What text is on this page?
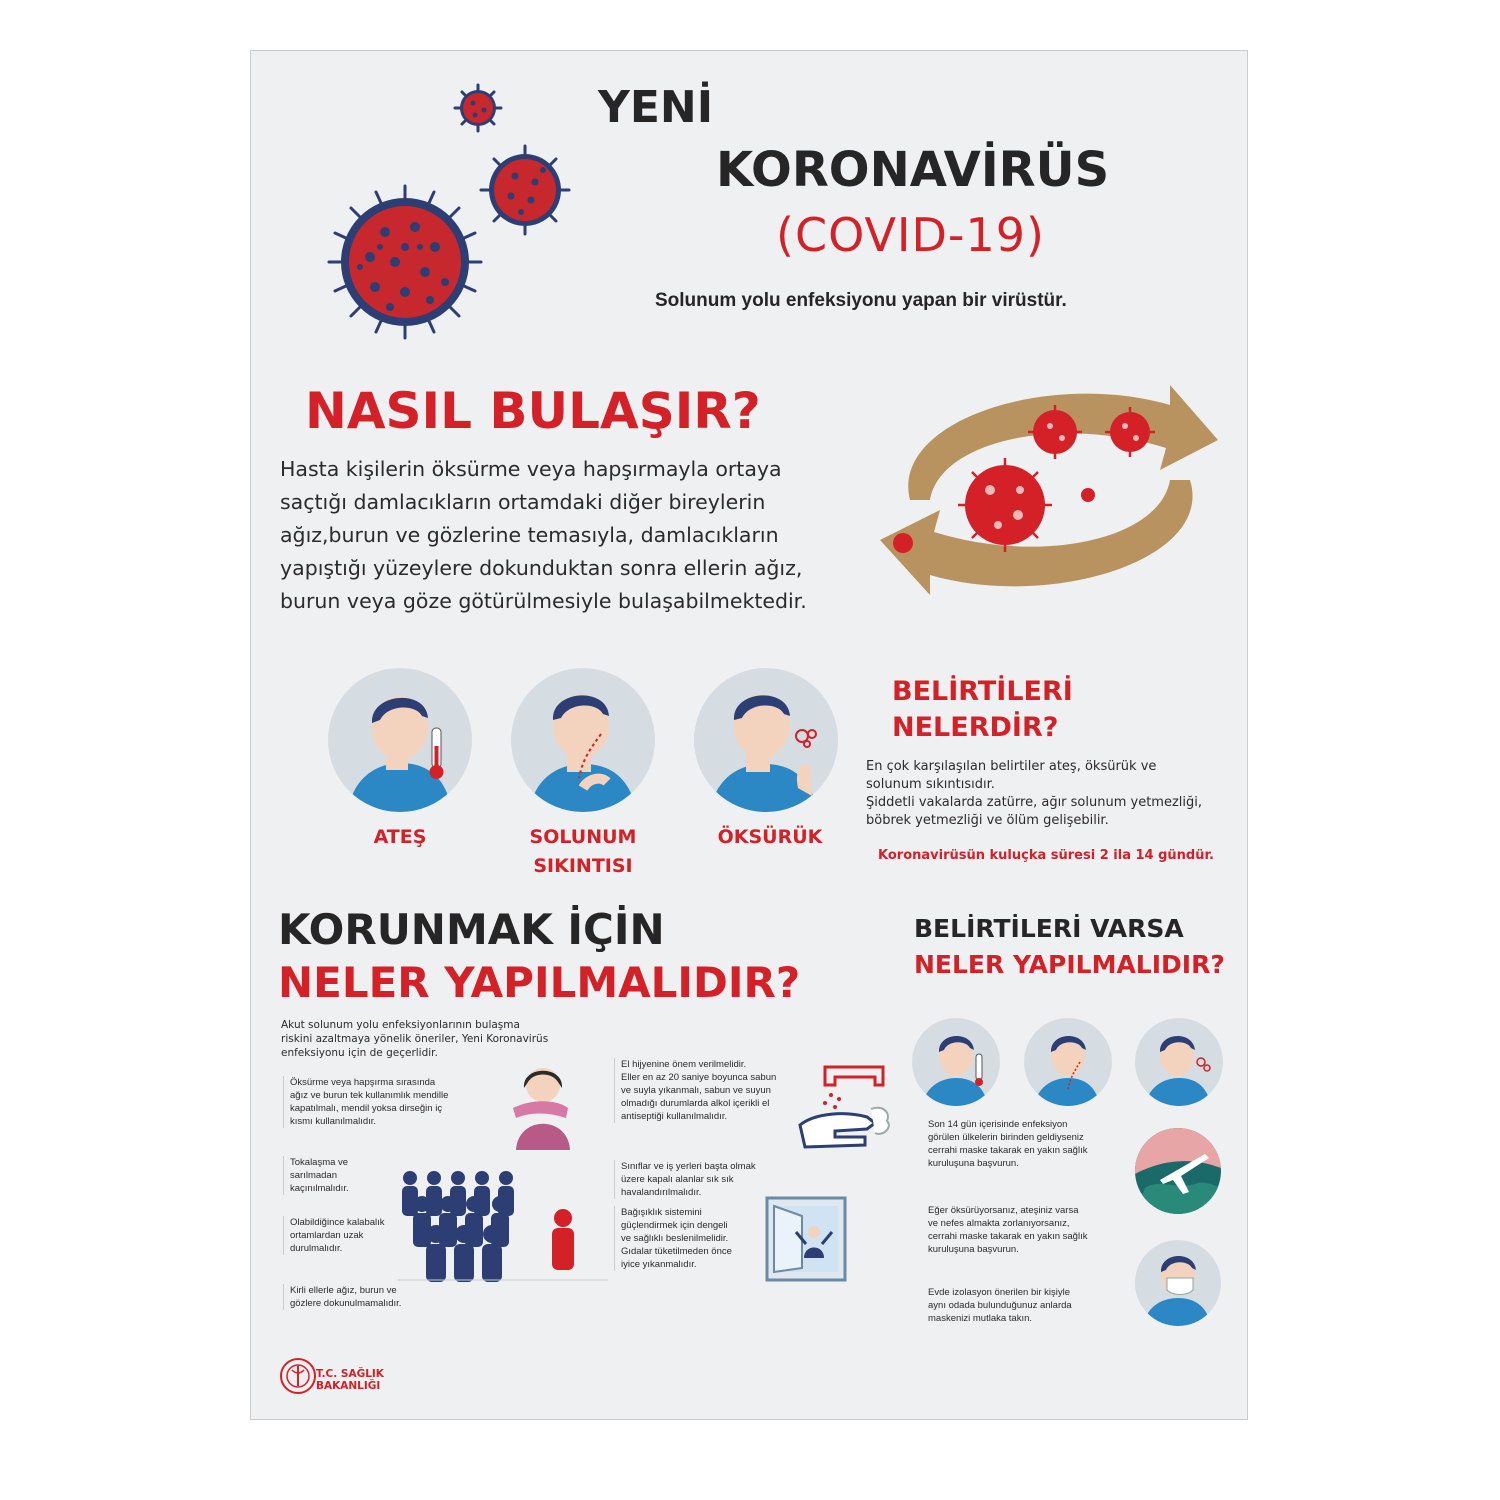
YENİ
KORONAVİRÜS
(COVID-19)
Solunum yolu enfeksiyonu yapan bir virüstür.
NASIL BULAŞIR?
Hasta kişilerin öksürme veya hapşırmayla ortaya
saçtığı damlacıkların ortamdaki diğer bireylerin
ağız,burun ve gözlerine temasıyla, damlacıkların
yapıştığı yüzeylere dokunduktan sonra ellerin ağız,
burun veya göze götürülmesiyle bulaşabilmektedir.
ATEŞ	SOLUNUM
SIKINTISI
ÖKSÜRÜK
BELİRTİLERİ
NELERDİR?
En çok karşılaşılan belirtiler ateş, öksürük ve
solunum sıkıntısıdır.
Şiddetli vakalarda zatürre, ağır solunum yetmezliği,
böbrek yetmezliği ve ölüm gelişebilir.
Koronavirüsün kuluçka süresi 2 ila 14 gündür.
KORUNMAK İÇİN
NELER YAPILMALIDIR?
Akut solunum yolu enfeksiyonlarının bulaşma
riskini azaltmaya yönelik öneriler, Yeni Koronavirüs
enfeksiyonu için de geçerlidir.
Öksürme veya hapşırma sırasında
ağız ve burun tek kullanımlık mendille
kapatılmalı, mendil yoksa dirseğin iç
kısmı kullanılmalıdır.
Tokalaşma ve
sarılmadan
kaçınılmalıdır.
Olabildiğince kalabalık
ortamlardan uzak
durulmalıdır.
Kirli ellerle ağız, burun ve
gözlere dokunulmamalıdır.
El hijyenine önem verilmelidir.
Eller en az 20 saniye boyunca sabun
ve suyla yıkanmalı, sabun ve suyun
olmadığı durumlarda alkol içerikli el
antiseptiği kullanılmalıdır.
Sınıflar ve iş yerleri başta olmak
üzere kapalı alanlar sık sık
havalandırılmalıdır.
Bağışıklık sistemini
güçlendirmek için dengeli
ve sağlıklı beslenilmelidir.
Gıdalar tüketilmeden önce
iyice yıkanmalıdır.
BELİRTİLERİ VARSA
NELER YAPILMALIDIR?
Son 14 gün içerisinde enfeksiyon
görülen ülkelerin birinden geldiyseniz
cerrahi maske takarak en yakın sağlık
kuruluşuna başvurun.
Eğer öksürüyorsanız, ateşiniz varsa
ve nefes almakta zorlanıyorsanız,
cerrahi maske takarak en yakın sağlık
kuruluşuna başvurun.
Evde izolasyon önerilen bir kişiyle
aynı odada bulunduğunuz anlarda
maskenizi mutlaka takın.
T.C. SAĞLIK
BAKANLIĞI
